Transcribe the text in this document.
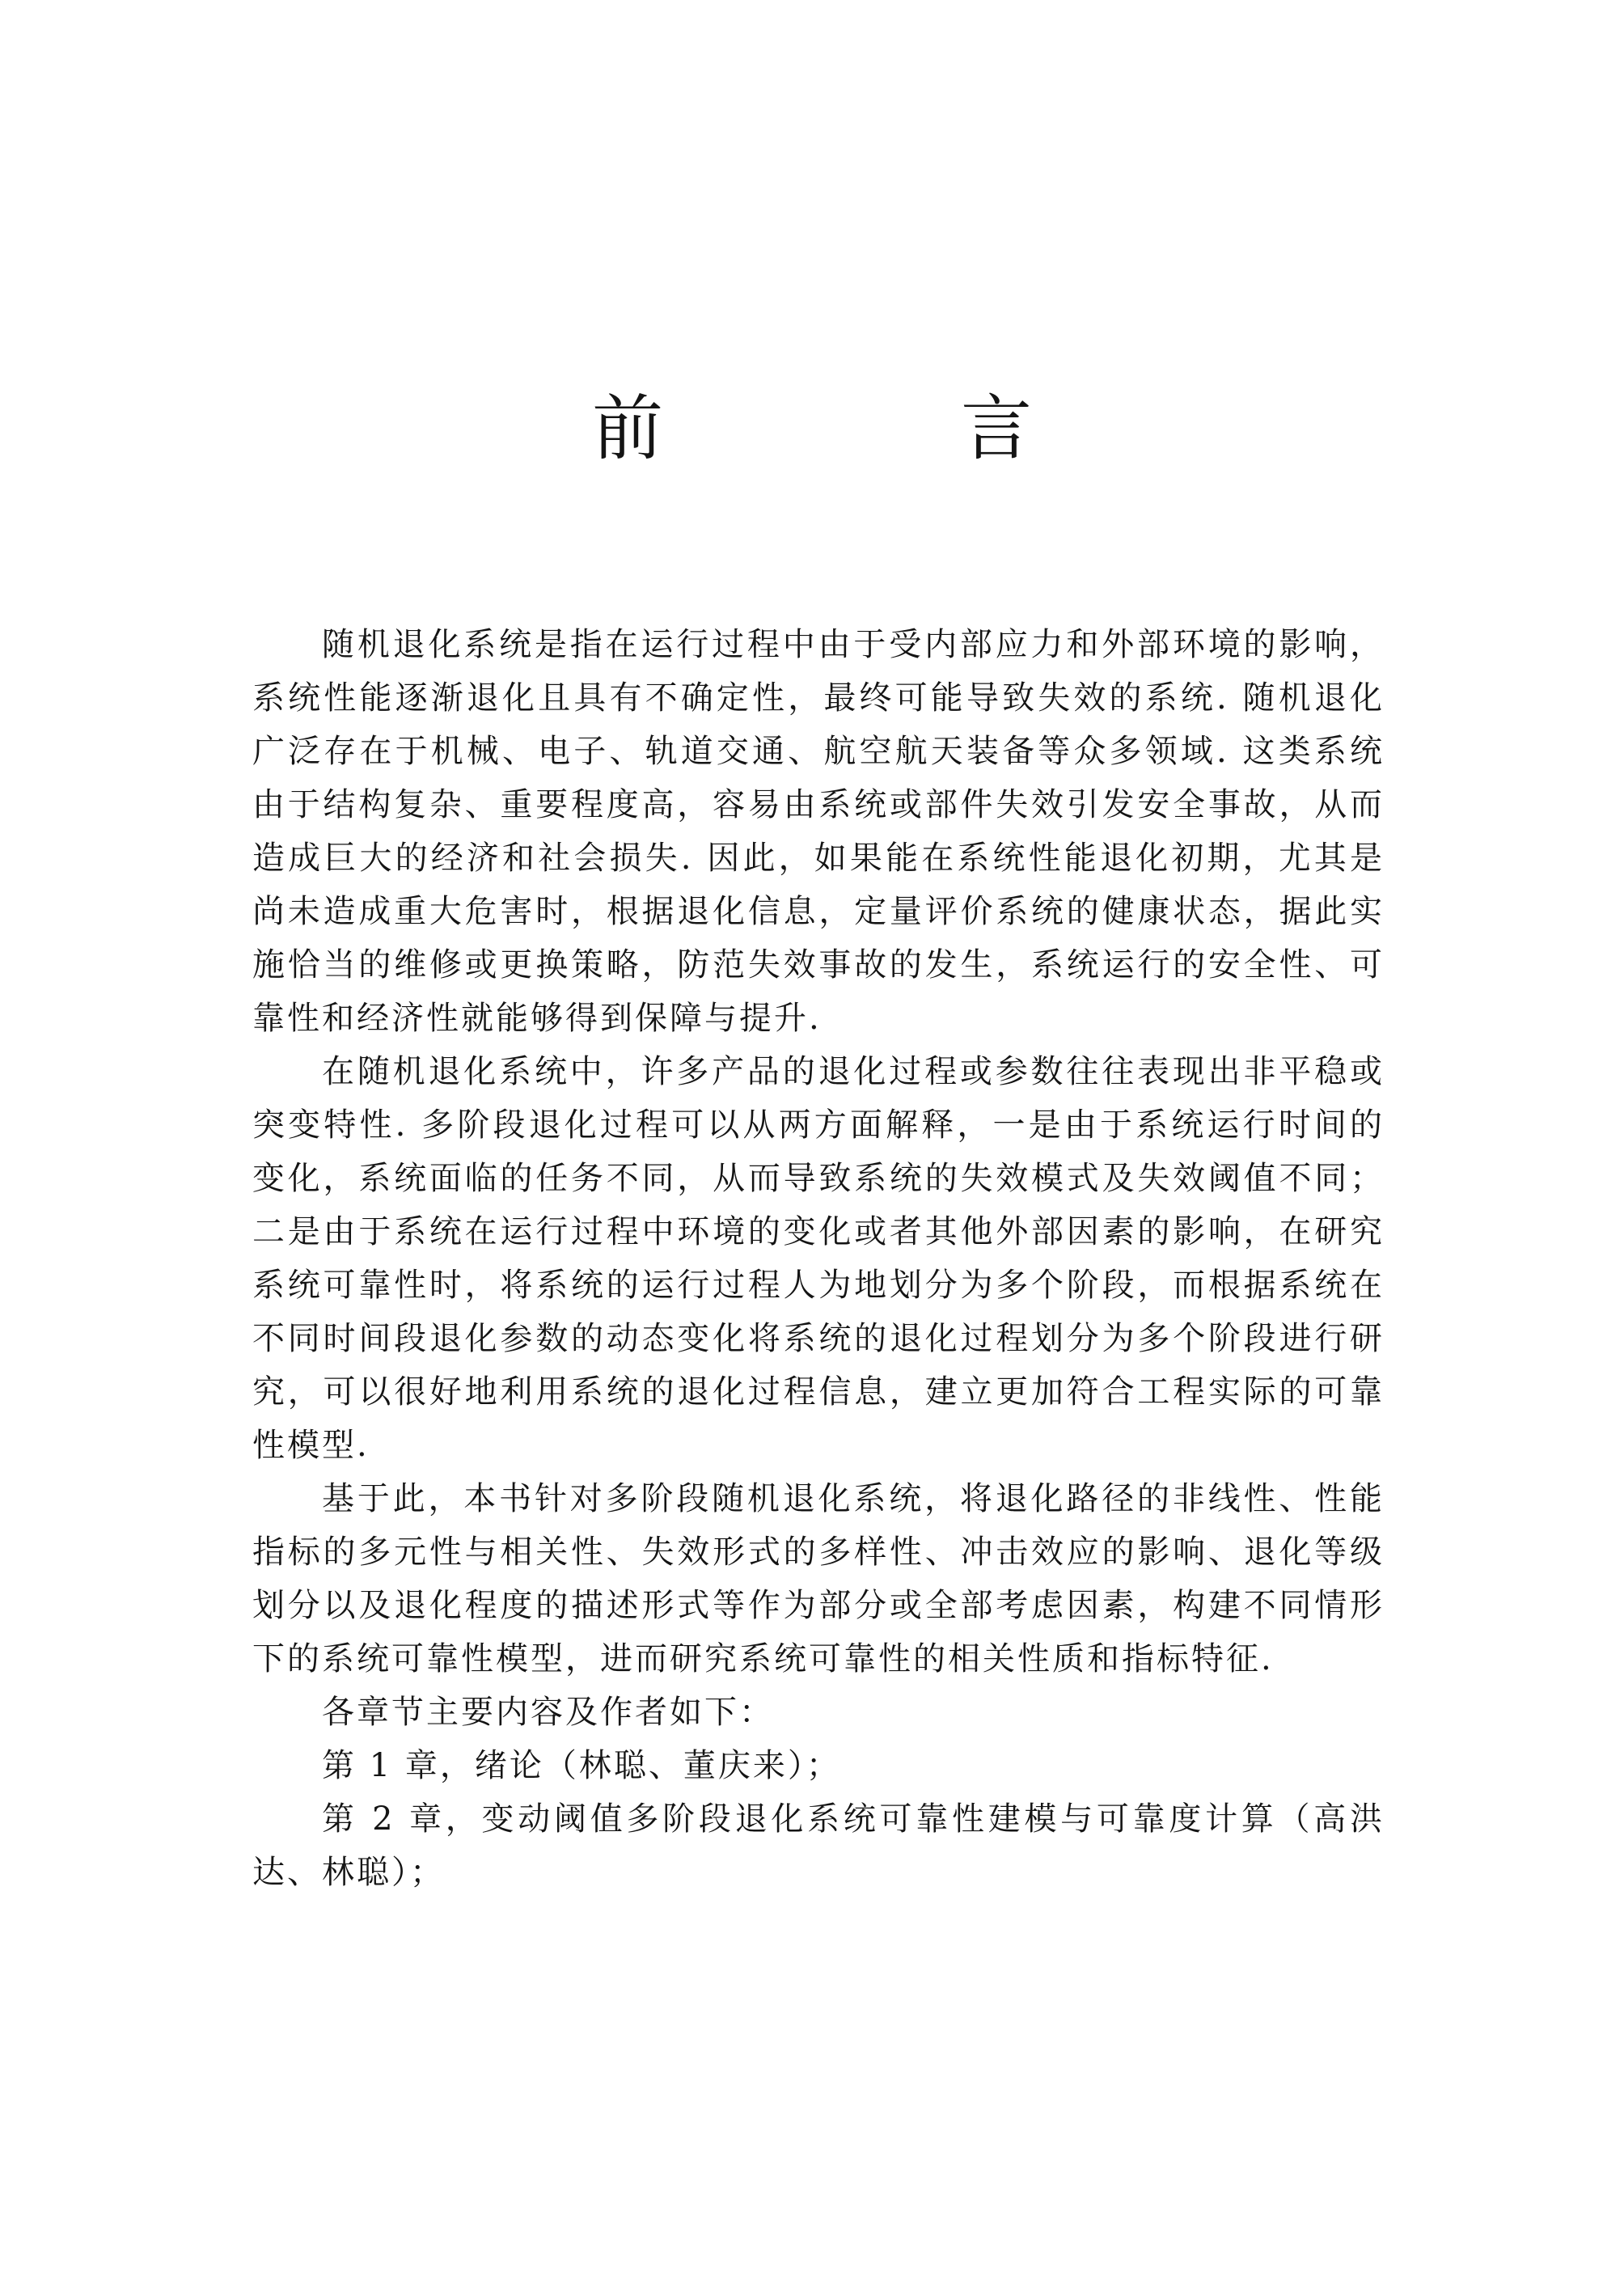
前　言

随机退化系统是指在运行过程中由于受内部应力和外部环境的影响，系统性能逐渐退化且具有不确定性，最终可能导致失效的系统. 随机退化广泛存在于机械、电子、轨道交通、航空航天装备等众多领域. 这类系统由于结构复杂、重要程度高，容易由系统或部件失效引发安全事故，从而造成巨大的经济和社会损失. 因此，如果能在系统性能退化初期，尤其是尚未造成重大危害时，根据退化信息，定量评价系统的健康状态，据此实施恰当的维修或更换策略，防范失效事故的发生，系统运行的安全性、可靠性和经济性就能够得到保障与提升.

在随机退化系统中，许多产品的退化过程或参数往往表现出非平稳或突变特性. 多阶段退化过程可以从两方面解释，一是由于系统运行时间的变化，系统面临的任务不同，从而导致系统的失效模式及失效阈值不同；二是由于系统在运行过程中环境的变化或者其他外部因素的影响，在研究系统可靠性时，将系统的运行过程人为地划分为多个阶段，而根据系统在不同时间段退化参数的动态变化将系统的退化过程划分为多个阶段进行研究，可以很好地利用系统的退化过程信息，建立更加符合工程实际的可靠性模型.

基于此，本书针对多阶段随机退化系统，将退化路径的非线性、性能指标的多元性与相关性、失效形式的多样性、冲击效应的影响、退化等级划分以及退化程度的描述形式等作为部分或全部考虑因素，构建不同情形下的系统可靠性模型，进而研究系统可靠性的相关性质和指标特征.

各章节主要内容及作者如下：

第 1 章，绪论（林聪、董庆来）；

第 2 章，变动阈值多阶段退化系统可靠性建模与可靠度计算（高洪达、林聪）；
